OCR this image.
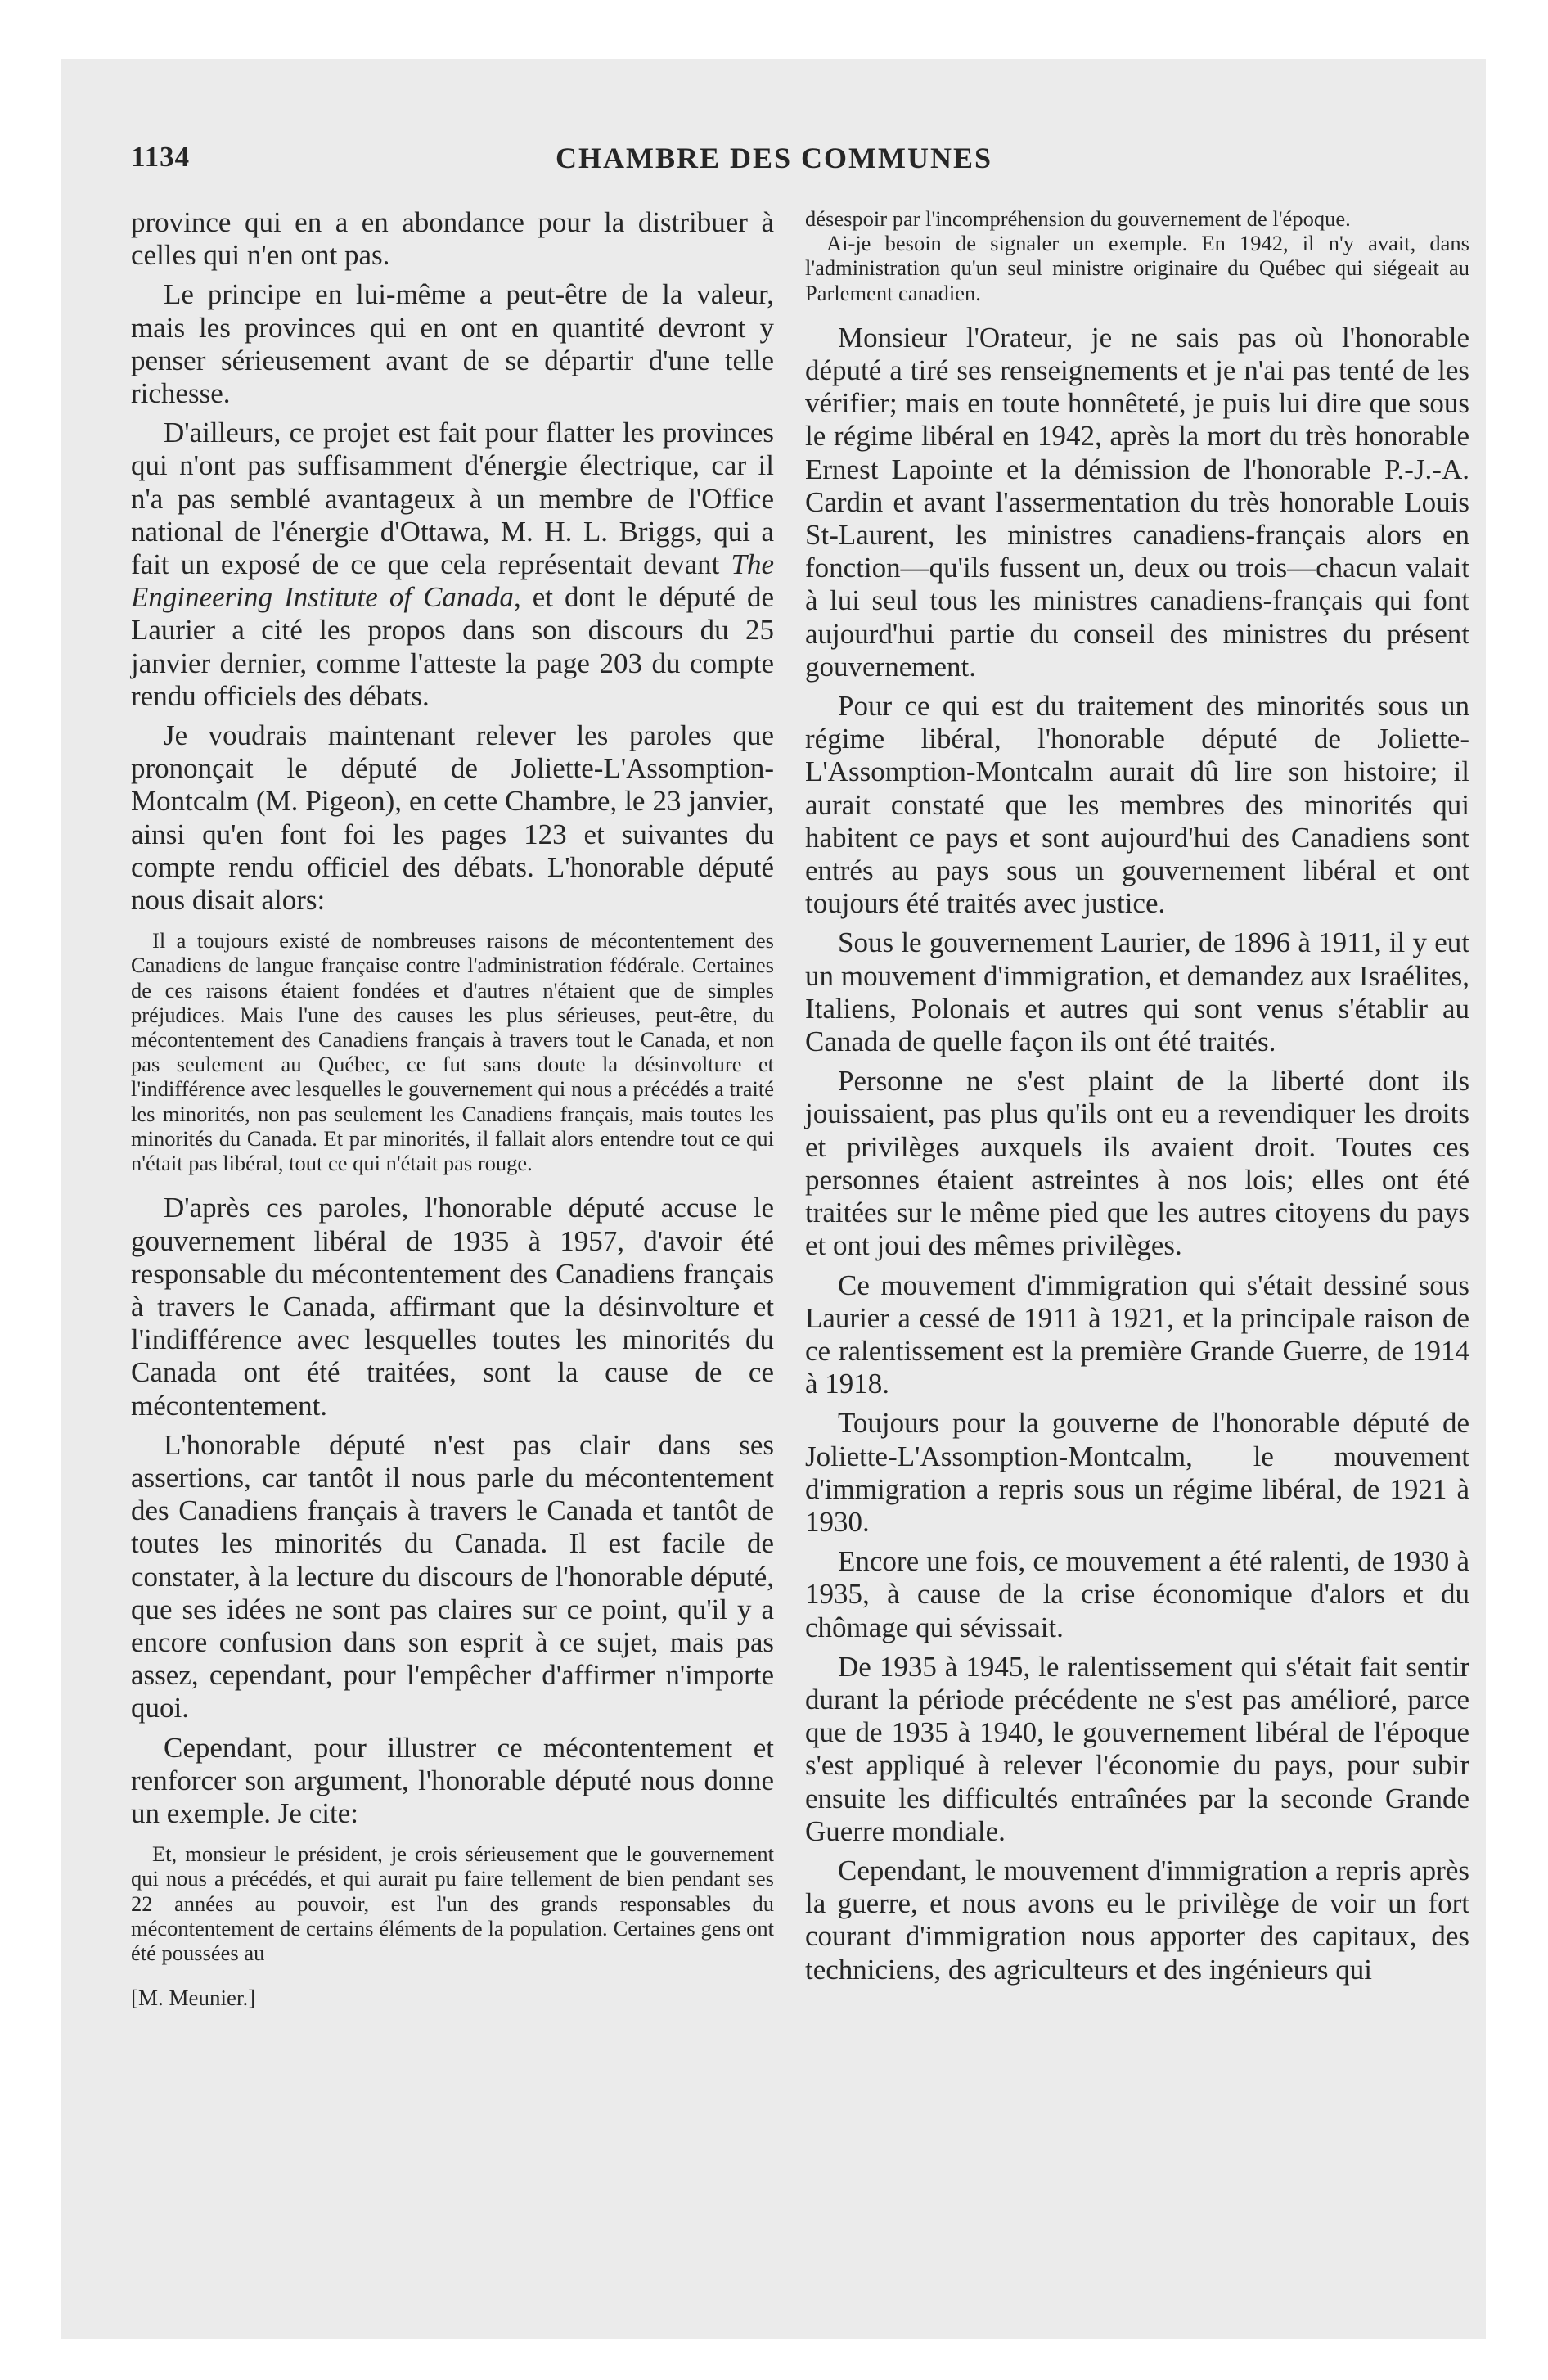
1134	CHAMBRE DES COMMUNES

province qui en a en abondance pour la distribuer à celles qui n'en ont pas.

Le principe en lui-même a peut-être de la valeur, mais les provinces qui en ont en quantité devront y penser sérieusement avant de se départir d'une telle richesse.

D'ailleurs, ce projet est fait pour flatter les provinces qui n'ont pas suffisamment d'énergie électrique, car il n'a pas semblé avantageux à un membre de l'Office national de l'énergie d'Ottawa, M. H. L. Briggs, qui a fait un exposé de ce que cela représentait devant The Engineering Institute of Canada, et dont le député de Laurier a cité les propos dans son discours du 25 janvier dernier, comme l'atteste la page 203 du compte rendu officiels des débats.

Je voudrais maintenant relever les paroles que prononçait le député de Joliette-L'Assomption-Montcalm (M. Pigeon), en cette Chambre, le 23 janvier, ainsi qu'en font foi les pages 123 et suivantes du compte rendu officiel des débats. L'honorable député nous disait alors:

Il a toujours existé de nombreuses raisons de mécontentement des Canadiens de langue française contre l'administration fédérale. Certaines de ces raisons étaient fondées et d'autres n'étaient que de simples préjudices. Mais l'une des causes les plus sérieuses, peut-être, du mécontentement des Canadiens français à travers tout le Canada, et non pas seulement au Québec, ce fut sans doute la désinvolture et l'indifférence avec lesquelles le gouvernement qui nous a précédés a traité les minorités, non pas seulement les Canadiens français, mais toutes les minorités du Canada. Et par minorités, il fallait alors entendre tout ce qui n'était pas libéral, tout ce qui n'était pas rouge.

D'après ces paroles, l'honorable député accuse le gouvernement libéral de 1935 à 1957, d'avoir été responsable du mécontentement des Canadiens français à travers le Canada, affirmant que la désinvolture et l'indifférence avec lesquelles toutes les minorités du Canada ont été traitées, sont la cause de ce mécontentement.

L'honorable député n'est pas clair dans ses assertions, car tantôt il nous parle du mécontentement des Canadiens français à travers le Canada et tantôt de toutes les minorités du Canada. Il est facile de constater, à la lecture du discours de l'honorable député, que ses idées ne sont pas claires sur ce point, qu'il y a encore confusion dans son esprit à ce sujet, mais pas assez, cependant, pour l'empêcher d'affirmer n'importe quoi.

Cependant, pour illustrer ce mécontentement et renforcer son argument, l'honorable député nous donne un exemple. Je cite:

Et, monsieur le président, je crois sérieusement que le gouvernement qui nous a précédés, et qui aurait pu faire tellement de bien pendant ses 22 années au pouvoir, est l'un des grands responsables du mécontentement de certains éléments de la population. Certaines gens ont été poussées au

[M. Meunier.]

désespoir par l'incompréhension du gouvernement de l'époque.

Ai-je besoin de signaler un exemple. En 1942, il n'y avait, dans l'administration qu'un seul ministre originaire du Québec qui siégeait au Parlement canadien.

Monsieur l'Orateur, je ne sais pas où l'honorable député a tiré ses renseignements et je n'ai pas tenté de les vérifier; mais en toute honnêteté, je puis lui dire que sous le régime libéral en 1942, après la mort du très honorable Ernest Lapointe et la démission de l'honorable P.-J.-A. Cardin et avant l'assermentation du très honorable Louis St-Laurent, les ministres canadiens-français alors en fonction—qu'ils fussent un, deux ou trois—chacun valait à lui seul tous les ministres canadiens-français qui font aujourd'hui partie du conseil des ministres du présent gouvernement.

Pour ce qui est du traitement des minorités sous un régime libéral, l'honorable député de Joliette-L'Assomption-Montcalm aurait dû lire son histoire; il aurait constaté que les membres des minorités qui habitent ce pays et sont aujourd'hui des Canadiens sont entrés au pays sous un gouvernement libéral et ont toujours été traités avec justice.

Sous le gouvernement Laurier, de 1896 à 1911, il y eut un mouvement d'immigration, et demandez aux Israélites, Italiens, Polonais et autres qui sont venus s'établir au Canada de quelle façon ils ont été traités.

Personne ne s'est plaint de la liberté dont ils jouissaient, pas plus qu'ils ont eu a revendiquer les droits et privilèges auxquels ils avaient droit. Toutes ces personnes étaient astreintes à nos lois; elles ont été traitées sur le même pied que les autres citoyens du pays et ont joui des mêmes privilèges.

Ce mouvement d'immigration qui s'était dessiné sous Laurier a cessé de 1911 à 1921, et la principale raison de ce ralentissement est la première Grande Guerre, de 1914 à 1918.

Toujours pour la gouverne de l'honorable député de Joliette-L'Assomption-Montcalm, le mouvement d'immigration a repris sous un régime libéral, de 1921 à 1930.

Encore une fois, ce mouvement a été ralenti, de 1930 à 1935, à cause de la crise économique d'alors et du chômage qui sévissait.

De 1935 à 1945, le ralentissement qui s'était fait sentir durant la période précédente ne s'est pas amélioré, parce que de 1935 à 1940, le gouvernement libéral de l'époque s'est appliqué à relever l'économie du pays, pour subir ensuite les difficultés entraînées par la seconde Grande Guerre mondiale.

Cependant, le mouvement d'immigration a repris après la guerre, et nous avons eu le privilège de voir un fort courant d'immigration nous apporter des capitaux, des techniciens, des agriculteurs et des ingénieurs qui
